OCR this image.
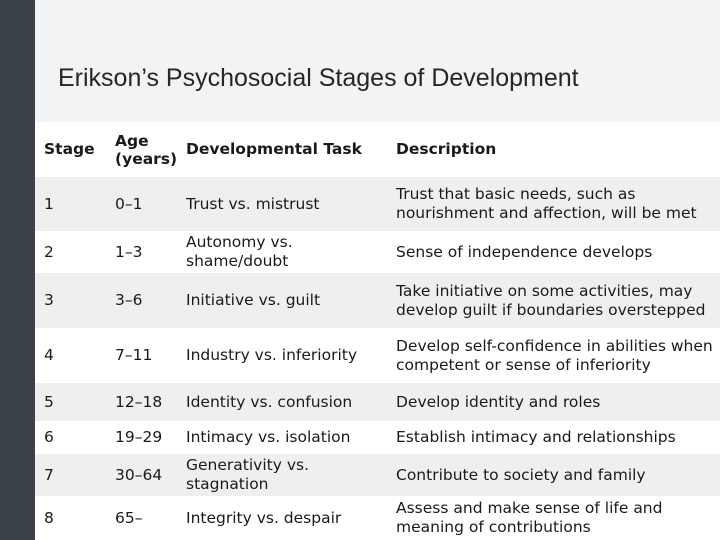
Erikson’s Psychosocial Stages of Development
Stage	Age (years)	Developmental Task	Description
1	0–1	Trust vs. mistrust	Trust that basic needs, such as nourishment and affection, will be met
2	1–3	Autonomy vs. shame/doubt	Sense of independence develops
3	3–6	Initiative vs. guilt	Take initiative on some activities, may develop guilt if boundaries overstepped
4	7–11	Industry vs. inferiority	Develop self-confidence in abilities when competent or sense of inferiority
5	12–18	Identity vs. confusion	Develop identity and roles
6	19–29	Intimacy vs. isolation	Establish intimacy and relationships
7	30–64	Generativity vs. stagnation	Contribute to society and family
8	65–	Integrity vs. despair	Assess and make sense of life and meaning of contributions
